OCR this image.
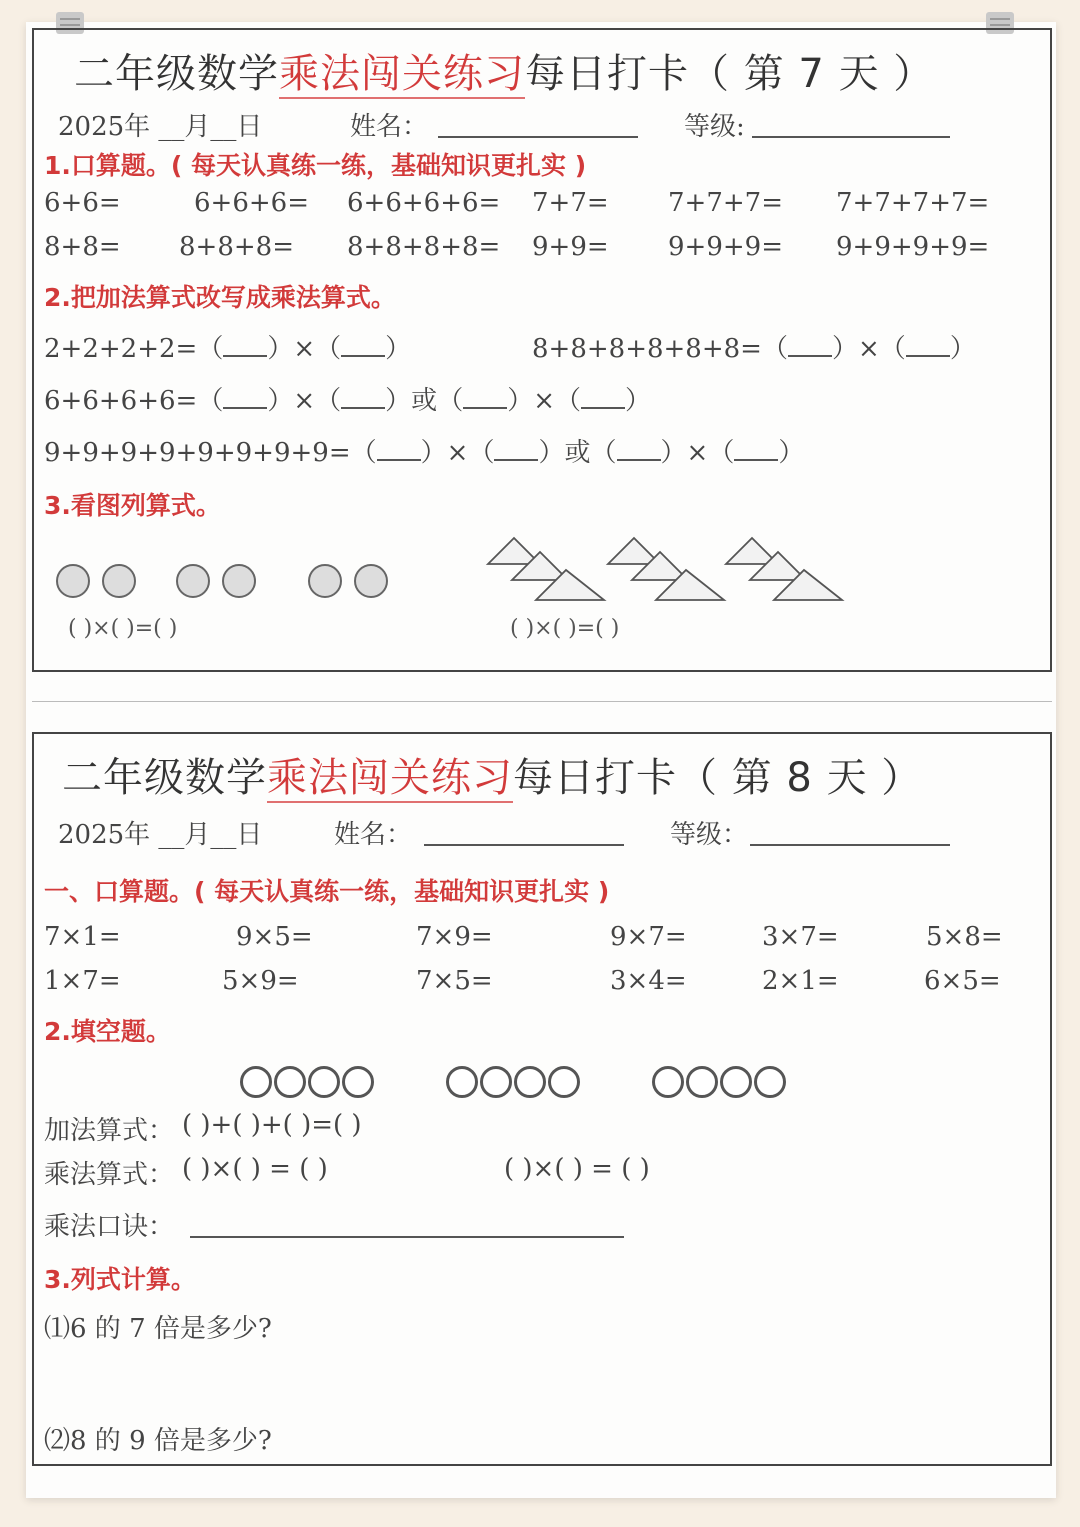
二年级数学乘法闯关练习每日打卡（ 第 7 天 ）
2025年 __月__日	姓名：	等级:
1.口算题。( 每天认真练一练，基础知识更扎实 )
6+6=	6+6+6= 6+6+6+6= 7+7= 7+7+7= 7+7+7+7=
8+8= 8+8+8= 8+8+8+8= 9+9= 9+9+9= 9+9+9+9=
2.把加法算式改写成乘法算式。
2+2+2+2=（ ）×（ ）	8+8+8+8+8+8=（ ）×（ ）
6+6+6+6=（ ）×（ ）或（ ）×（ ）
9+9+9+9+9+9+9+9=（ ）×（ ）或（ ）×（ ）
3.看图列算式。
( )×( )=( )	( )×( )=( )
二年级数学乘法闯关练习每日打卡（ 第 8 天 ）
2025年 __月__日	姓名：	等级：
一、口算题。( 每天认真练一练，基础知识更扎实 )
7×1=	9×5=	7×9=	9×7=	3×7=	5×8=
1×7=	5×9=	7×5=	3×4=	2×1=	6×5=
2.填空题。
加法算式： ( )+( )+( )=( )
乘法算式： ( )×( ) = ( )	( )×( ) = ( )
乘法口诀：
3.列式计算。
⑴6 的 7 倍是多少?
⑵8 的 9 倍是多少?
